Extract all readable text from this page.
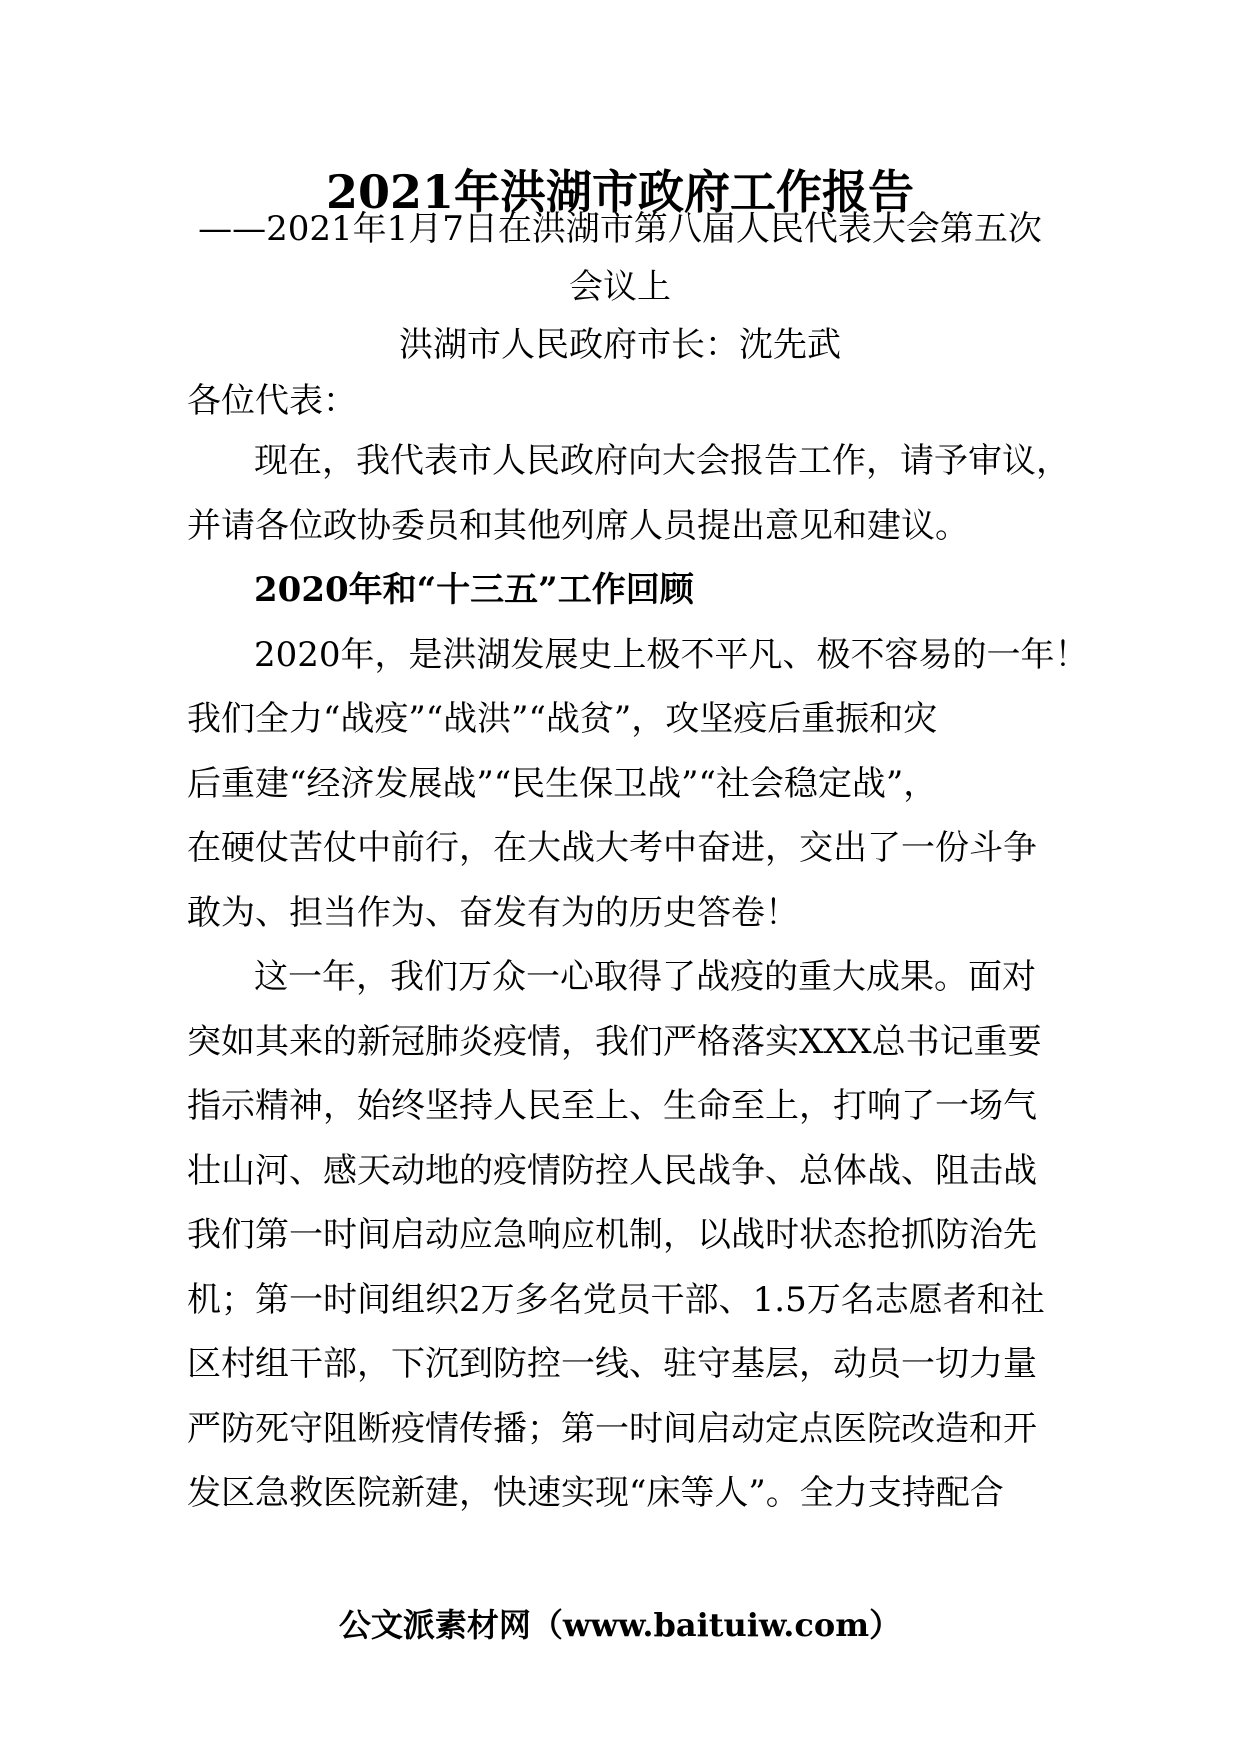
2021年洪湖市政府工作报告
——2021年1月7日在洪湖市第八届人民代表大会第五次
会议上
洪湖市人民政府市长：沈先武
各位代表：
现在，我代表市人民政府向大会报告工作，请予审议，
并请各位政协委员和其他列席人员提出意见和建议。
2020年和“十三五”工作回顾
2020年，是洪湖发展史上极不平凡、极不容易的一年！
我们全力“战疫”“战洪”“战贫”，攻坚疫后重振和灾
后重建“经济发展战”“民生保卫战”“社会稳定战”，
在硬仗苦仗中前行，在大战大考中奋进，交出了一份斗争
敢为、担当作为、奋发有为的历史答卷！
这一年，我们万众一心取得了战疫的重大成果。面对
突如其来的新冠肺炎疫情，我们严格落实XXX总书记重要
指示精神，始终坚持人民至上、生命至上，打响了一场气
壮山河、感天动地的疫情防控人民战争、总体战、阻击战
我们第一时间启动应急响应机制，以战时状态抢抓防治先
机；第一时间组织2万多名党员干部、1.5万名志愿者和社
区村组干部，下沉到防控一线、驻守基层，动员一切力量
严防死守阻断疫情传播；第一时间启动定点医院改造和开
发区急救医院新建，快速实现“床等人”。全力支持配合
公文派素材网（www.baituiw.com）
